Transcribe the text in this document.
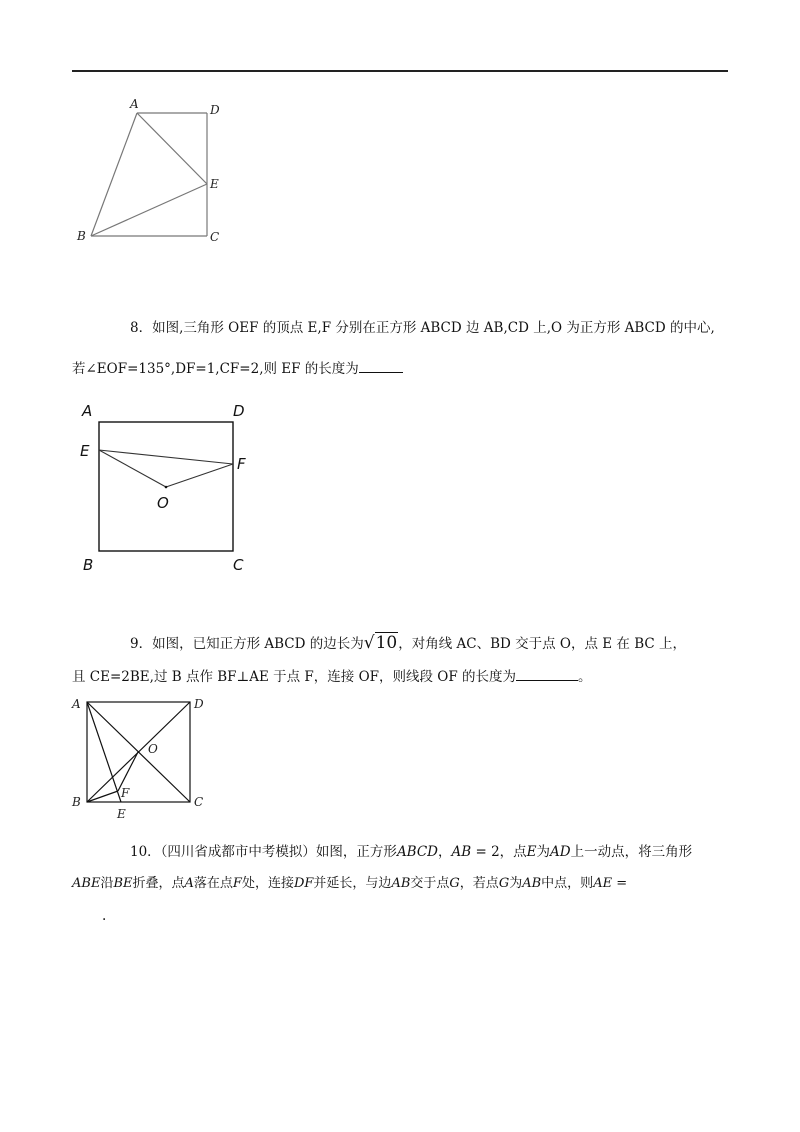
A	D
E
B	C
8．如图,三角形 OEF 的顶点 E,F 分别在正方形 ABCD 边 AB,CD 上,O 为正方形 ABCD 的中心,
若∠EOF=135°,DF=1,CF=2,则 EF 的长度为
A	D
E
F
O
B	C
9．如图，已知正方形 ABCD 的边长为√10，对角线 AC、BD 交于点 O，点 E 在 BC 上，
且 CE=2BE,过 B 点作 BF⊥AE 于点 F，连接 OF，则线段 OF 的长度为	。
A	D
O
F
B
E
C
10．（四川省成都市中考模拟）如图，正方形ABCD，AB = 2，点E为AD上一动点，将三角形
ABE沿BE折叠，点A落在点F处，连接DF并延长，与边AB交于点G，若点G为AB中点，则AE =
.
